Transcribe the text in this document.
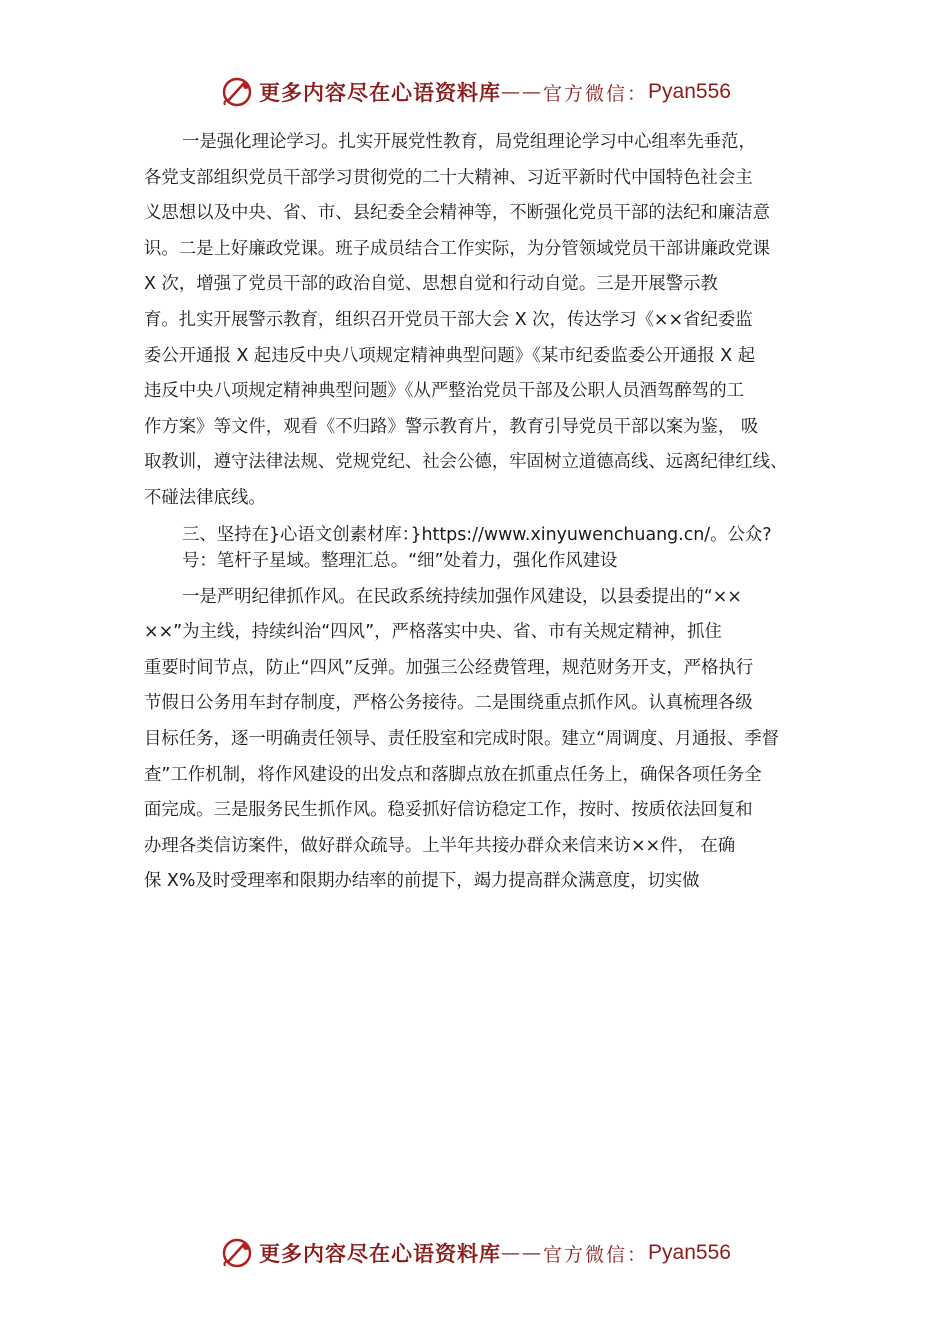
更多内容尽在心语资料库 —— 官方微信： Pyan556

一是强化理论学习。扎实开展党性教育，局党组理论学习中心组率先垂范，
各党支部组织党员干部学习贯彻党的二十大精神、习近平新时代中国特色社会主
义思想以及中央、省、市、县纪委全会精神等，不断强化党员干部的法纪和廉洁意
识。二是上好廉政党课。班子成员结合工作实际，为分管领域党员干部讲廉政党课
X 次，增强了党员干部的政治自觉、思想自觉和行动自觉。三是开展警示教
育。扎实开展警示教育，组织召开党员干部大会 X 次，传达学习《××省纪委监
委公开通报 X 起违反中央八项规定精神典型问题》《某市纪委监委公开通报 X 起
违反中央八项规定精神典型问题》《从严整治党员干部及公职人员酒驾醉驾的工
作方案》等文件，观看《不归路》警示教育片，教育引导党员干部以案为鉴， 吸
取教训，遵守法律法规、党规党纪、社会公德，牢固树立道德高线、远离纪律红线、
不碰法律底线。

三、坚持在}心语文创素材库：}https://www.xinyuwenchuang.cn/。公众?
号：笔杆子星域。整理汇总。“细”处着力，强化作风建设

一是严明纪律抓作风。在民政系统持续加强作风建设，以县委提出的“××
××”为主线，持续纠治“四风”，严格落实中央、省、市有关规定精神，抓住
重要时间节点，防止“四风”反弹。加强三公经费管理，规范财务开支，严格执行
节假日公务用车封存制度，严格公务接待。二是围绕重点抓作风。认真梳理各级
目标任务，逐一明确责任领导、责任股室和完成时限。建立“周调度、月通报、季督
查”工作机制，将作风建设的出发点和落脚点放在抓重点任务上，确保各项任务全
面完成。三是服务民生抓作风。稳妥抓好信访稳定工作，按时、按质依法回复和
办理各类信访案件，做好群众疏导。上半年共接办群众来信来访××件， 在确
保 X%及时受理率和限期办结率的前提下，竭力提高群众满意度，切实做

更多内容尽在心语资料库 —— 官方微信： Pyan556
